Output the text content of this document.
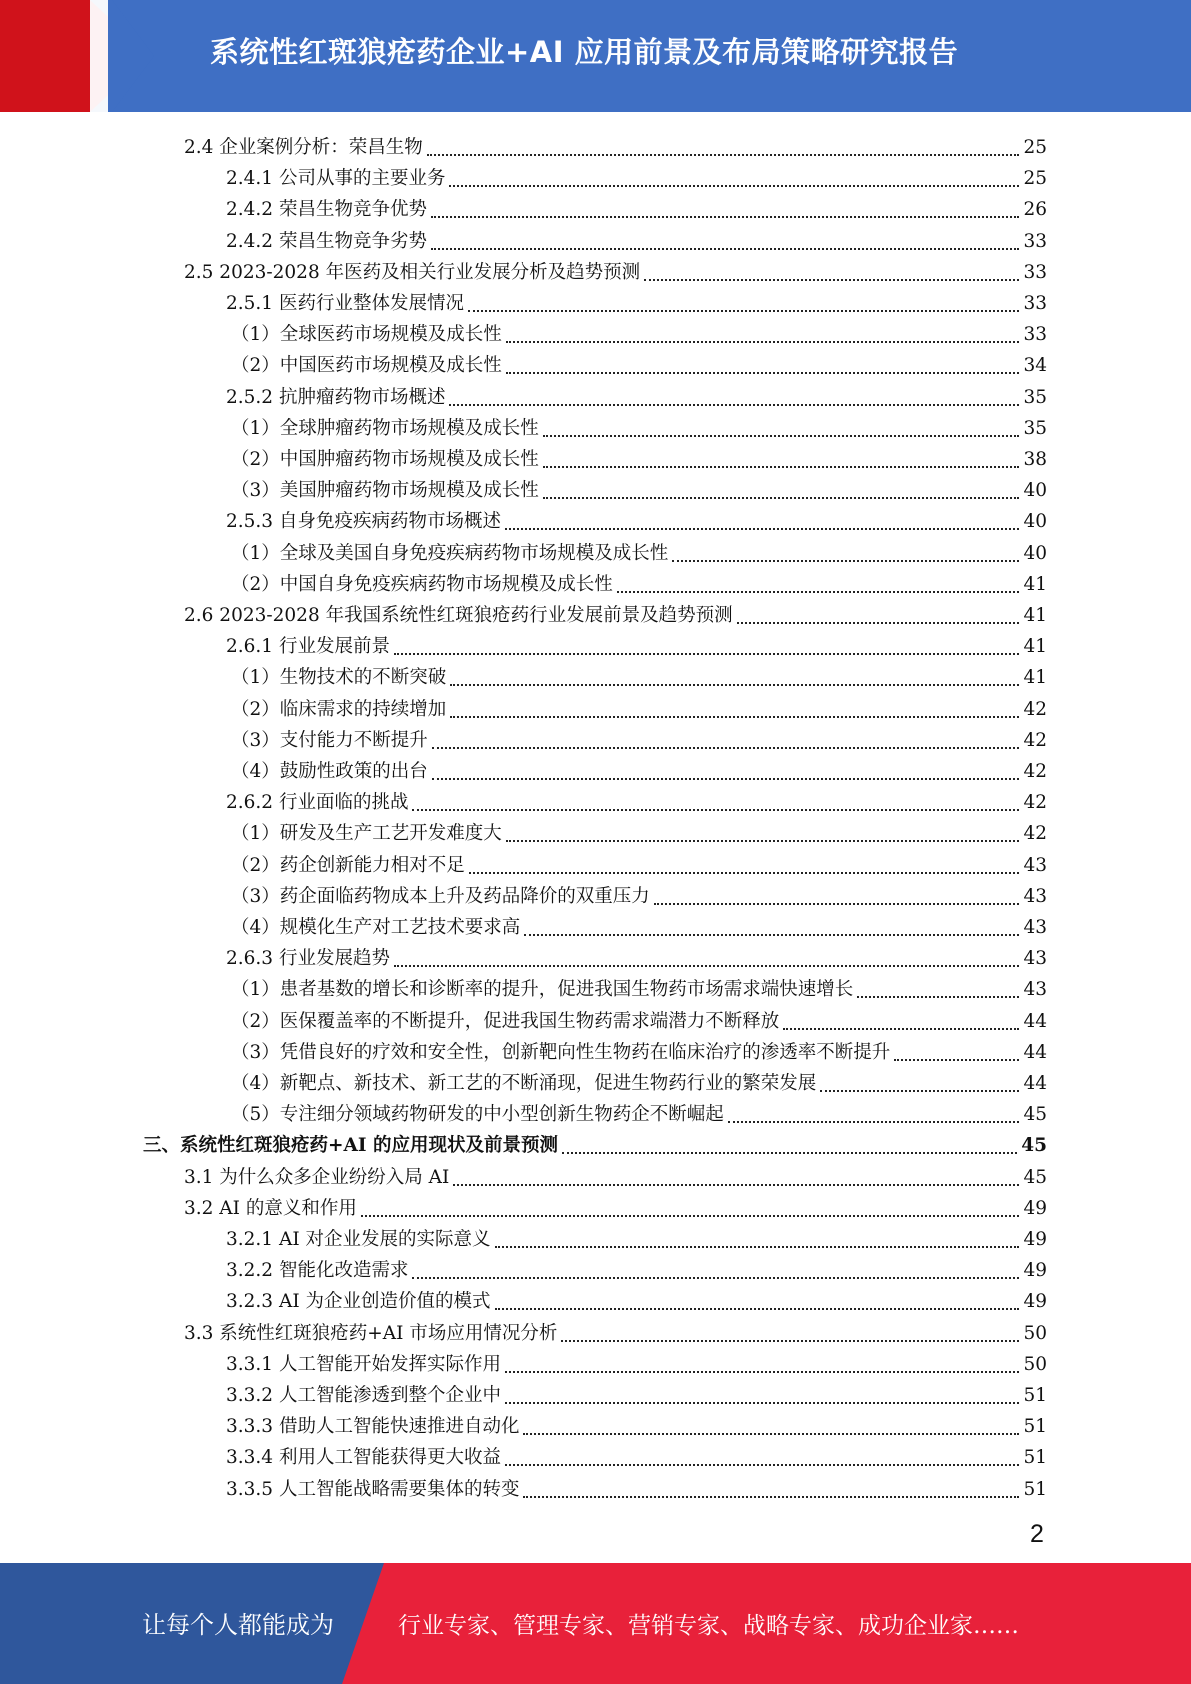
系统性红斑狼疮药企业+AI 应用前景及布局策略研究报告
2.4 企业案例分析：荣昌生物	25
2.4.1 公司从事的主要业务	25
2.4.2 荣昌生物竞争优势	26
2.4.2 荣昌生物竞争劣势	33
2.5 2023-2028 年医药及相关行业发展分析及趋势预测	33
2.5.1 医药行业整体发展情况	33
（1）全球医药市场规模及成长性	33
（2）中国医药市场规模及成长性	34
2.5.2 抗肿瘤药物市场概述	35
（1）全球肿瘤药物市场规模及成长性	35
（2）中国肿瘤药物市场规模及成长性	38
（3）美国肿瘤药物市场规模及成长性	40
2.5.3 自身免疫疾病药物市场概述	40
（1）全球及美国自身免疫疾病药物市场规模及成长性	40
（2）中国自身免疫疾病药物市场规模及成长性	41
2.6 2023-2028 年我国系统性红斑狼疮药行业发展前景及趋势预测	41
2.6.1 行业发展前景	41
（1）生物技术的不断突破	41
（2）临床需求的持续增加	42
（3）支付能力不断提升	42
（4）鼓励性政策的出台	42
2.6.2 行业面临的挑战	42
（1）研发及生产工艺开发难度大	42
（2）药企创新能力相对不足	43
（3）药企面临药物成本上升及药品降价的双重压力	43
（4）规模化生产对工艺技术要求高	43
2.6.3 行业发展趋势	43
（1）患者基数的增长和诊断率的提升，促进我国生物药市场需求端快速增长	43
（2）医保覆盖率的不断提升，促进我国生物药需求端潜力不断释放	44
（3）凭借良好的疗效和安全性，创新靶向性生物药在临床治疗的渗透率不断提升	44
（4）新靶点、新技术、新工艺的不断涌现，促进生物药行业的繁荣发展	44
（5）专注细分领域药物研发的中小型创新生物药企不断崛起	45
三、系统性红斑狼疮药+AI 的应用现状及前景预测	45
3.1 为什么众多企业纷纷入局 AI	45
3.2 AI 的意义和作用	49
3.2.1 AI 对企业发展的实际意义	49
3.2.2 智能化改造需求	49
3.2.3 AI 为企业创造价值的模式	49
3.3 系统性红斑狼疮药+AI 市场应用情况分析	50
3.3.1 人工智能开始发挥实际作用	50
3.3.2 人工智能渗透到整个企业中	51
3.3.3 借助人工智能快速推进自动化	51
3.3.4 利用人工智能获得更大收益	51
3.3.5 人工智能战略需要集体的转变	51
2
让每个人都能成为	行业专家、管理专家、营销专家、战略专家、成功企业家……
